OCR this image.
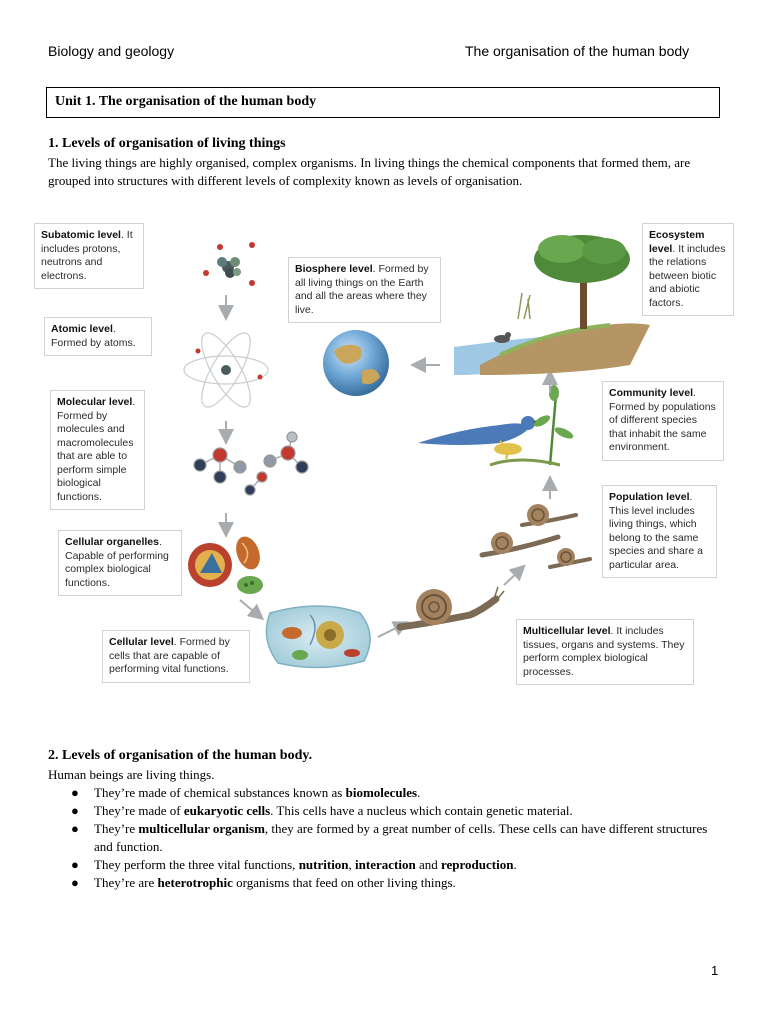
Biology and geology	The organisation of the human body
Unit 1. The organisation of the human body
1. Levels of organisation of living things
The living things are highly organised, complex organisms. In living things the chemical components that formed them, are grouped into structures with different levels of complexity known as levels of organisation.
Subatomic level. It includes protons, neutrons and electrons.
Atomic level. Formed by atoms.
Molecular level. Formed by molecules and macromolecules that are able to perform simple biological functions.
Cellular organelles. Capable of performing complex biological functions.
Cellular level. Formed by cells that are capable of performing vital functions.
Multicellular level. It includes tissues, organs and systems. They perform complex biological processes.
Population level. This level includes living things, which belong to the same species and share a particular area.
Community level. Formed by populations of different species that inhabit the same environment.
Ecosystem level. It includes the relations between biotic and abiotic factors.
Biosphere level. Formed by all living things on the Earth and all the areas where they live.
2. Levels of organisation of the human body.
Human beings are living things.
● They’re made of chemical substances known as biomolecules.
● They’re made of eukaryotic cells. This cells have a nucleus which contain genetic material.
● They’re multicellular organism, they are formed by a great number of cells. These cells can have different structures and function.
● They perform the three vital functions, nutrition, interaction and reproduction.
● They’re are heterotrophic organisms that feed on other living things.
1
